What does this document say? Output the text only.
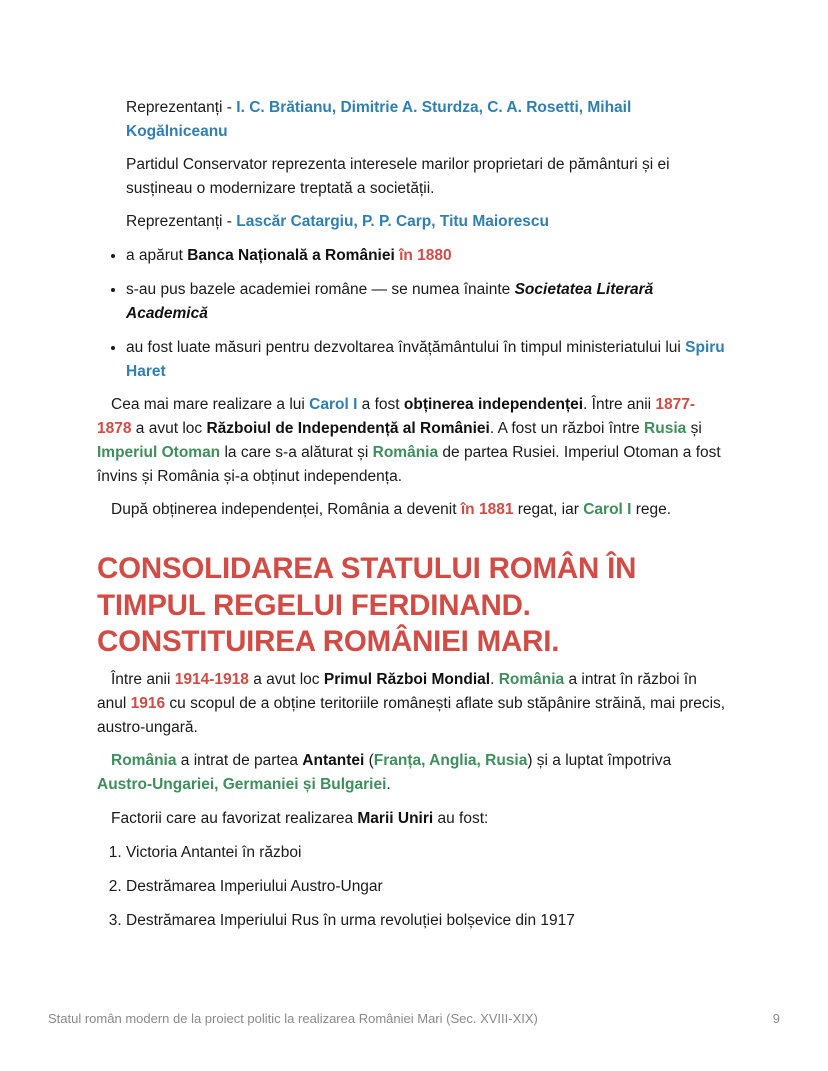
Reprezentanți - I. C. Brătianu, Dimitrie A. Sturdza, C. A. Rosetti, Mihail Kogălniceanu

Partidul Conservator reprezenta interesele marilor proprietari de pământuri și ei susțineau o modernizare treptată a societății.

Reprezentanți - Lascăr Catargiu, P. P. Carp, Titu Maiorescu

• a apărut Banca Națională a României în 1880
• s-au pus bazele academiei române — se numea înainte Societatea Literară Academică
• au fost luate măsuri pentru dezvoltarea învățământului în timpul ministeriatului lui Spiru Haret

Cea mai mare realizare a lui Carol I a fost obținerea independenței. Între anii 1877-1878 a avut loc Războiul de Independență al României. A fost un război între Rusia și Imperiul Otoman la care s-a alăturat și România de partea Rusiei. Imperiul Otoman a fost învins și România și-a obținut independența.

După obținerea independenței, România a devenit în 1881 regat, iar Carol I rege.

CONSOLIDAREA STATULUI ROMÂN ÎN TIMPUL REGELUI FERDINAND. CONSTITUIREA ROMÂNIEI MARI.

Între anii 1914-1918 a avut loc Primul Război Mondial. România a intrat în război în anul 1916 cu scopul de a obține teritoriile românești aflate sub stăpânire străină, mai precis, austro-ungară.

România a intrat de partea Antantei (Franța, Anglia, Rusia) și a luptat împotriva Austro-Ungariei, Germaniei și Bulgariei.

Factorii care au favorizat realizarea Marii Uniri au fost:

1. Victoria Antantei în război
2. Destrămarea Imperiului Austro-Ungar
3. Destrămarea Imperiului Rus în urma revoluției bolșevice din 1917
Statul român modern de la proiect politic la realizarea României Mari (Sec. XVIII-XIX)	9
